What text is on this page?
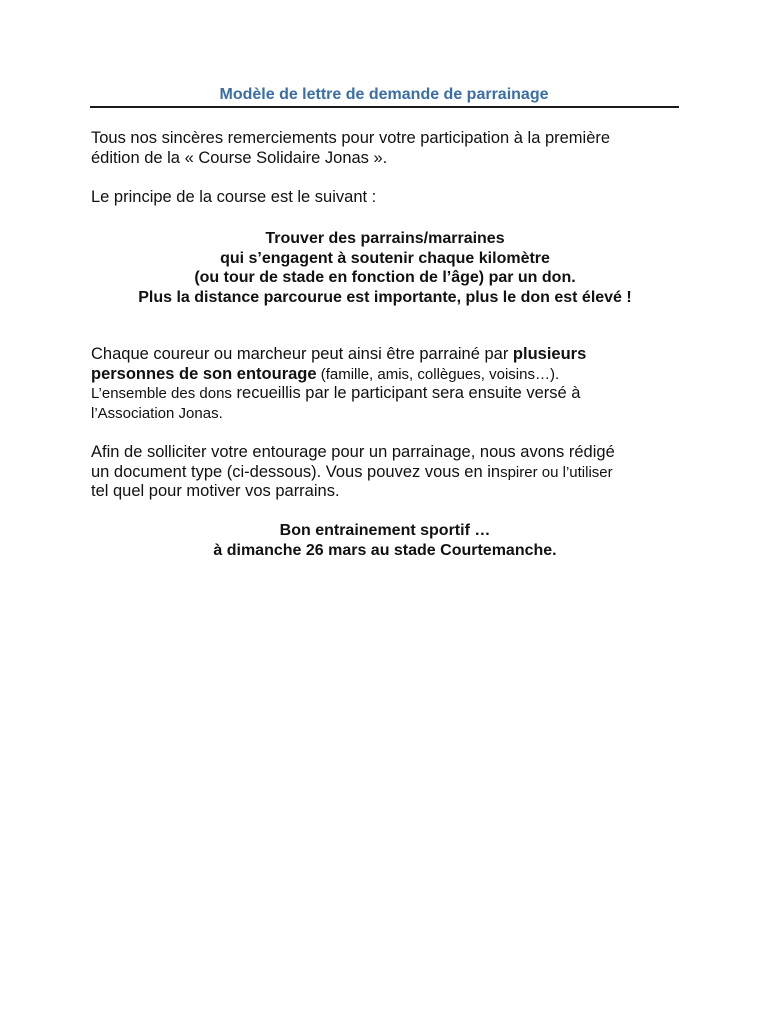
Modèle de lettre de demande de parrainage

Tous nos sincères remerciements pour votre participation à la première
édition de la « Course Solidaire Jonas ».

Le principe de la course est le suivant :

Trouver des parrains/marraines
qui s’engagent à soutenir chaque kilomètre
(ou tour de stade en fonction de l’âge) par un don.
Plus la distance parcourue est importante, plus le don est élevé !

Chaque coureur ou marcheur peut ainsi être parrainé par plusieurs
personnes de son entourage (famille, amis, collègues, voisins…).
L’ensemble des dons recueillis par le participant sera ensuite versé à
l’Association Jonas.

Afin de solliciter votre entourage pour un parrainage, nous avons rédigé
un document type (ci-dessous). Vous pouvez vous en inspirer ou l’utiliser
tel quel pour motiver vos parrains.

Bon entrainement sportif …
à dimanche 26 mars au stade Courtemanche.
